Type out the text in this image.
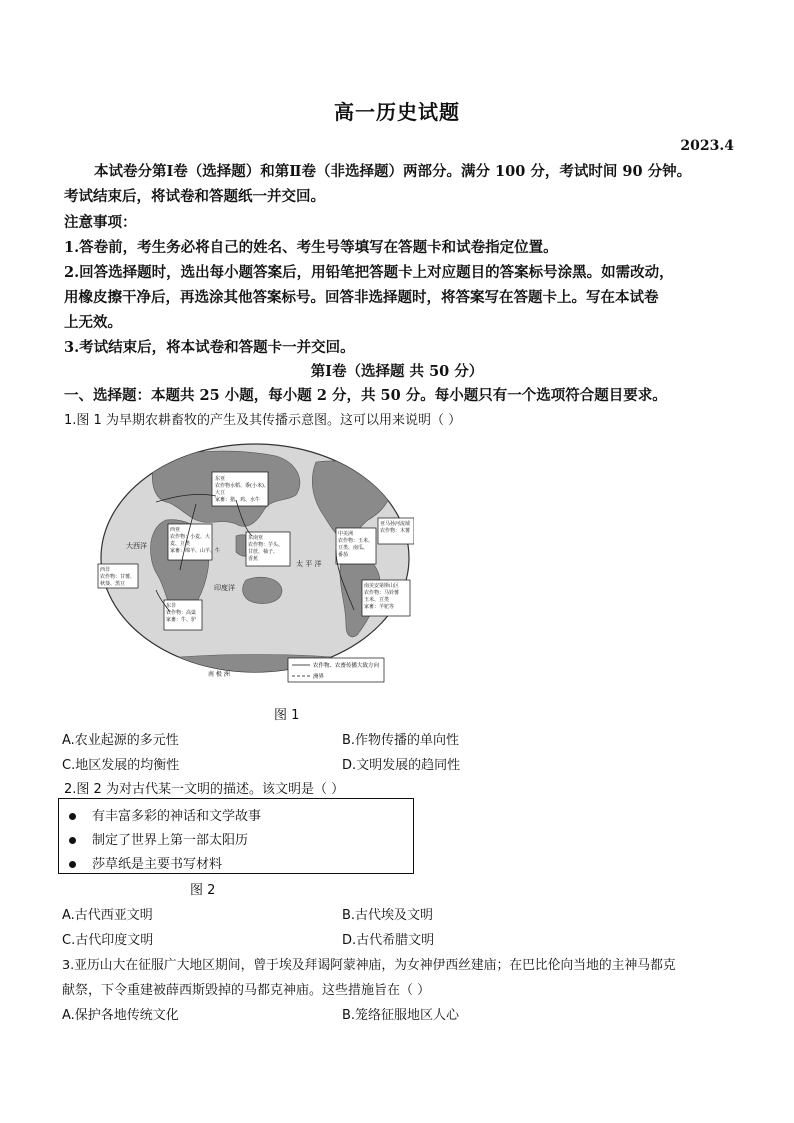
高一历史试题
2023.4
本试卷分第Ⅰ卷（选择题）和第Ⅱ卷（非选择题）两部分。满分 100 分，考试时间 90 分钟。
考试结束后，将试卷和答题纸一并交回。
注意事项：
1.答卷前，考生务必将自己的姓名、考生号等填写在答题卡和试卷指定位置。
2.回答选择题时，选出每小题答案后，用铅笔把答题卡上对应题目的答案标号涂黑。如需改动，
用橡皮擦干净后，再选涂其他答案标号。回答非选择题时，将答案写在答题卡上。写在本试卷
上无效。
3.考试结束后，将本试卷和答题卡一并交回。
第Ⅰ卷（选择题 共 50 分）
一、选择题：本题共 25 小题，每小题 2 分，共 50 分。每小题只有一个选项符合题目要求。
1.图 1 为早期农耕畜牧的产生及其传播示意图。这可以用来说明（ ）
东亚
农作物水稻、黍(小米)、
大豆
家畜：猪、鸡、水牛
西亚
农作物：小麦、大
麦、豆类
家畜：绵羊、山羊、牛
东南亚
农作物：芋头、
甘蔗、柚子、
香蕉
西非
农作物：甘薯、
秋葵、黑豆
东非
农作物：高粱
家畜：牛、驴
中美洲
农作物：玉米、
豆类、南瓜、
番茄
亚马孙河流域
农作物：木薯
南美安第斯山区
农作物：马铃薯
玉米、豆类
家畜：羊驼等
太 平 洋
大西洋
印度洋
南 极 洲
农作物、农畜传播大致方向
洲界
图 1
A.农业起源的多元性	B.作物传播的单向性
C.地区发展的均衡性	D.文明发展的趋同性
2.图 2 为对古代某一文明的描述。该文明是（ ）
有丰富多彩的神话和文学故事
制定了世界上第一部太阳历
莎草纸是主要书写材料
图 2
A.古代西亚文明	B.古代埃及文明
C.古代印度文明	D.古代希腊文明
3.亚历山大在征服广大地区期间，曾于埃及拜谒阿蒙神庙，为女神伊西丝建庙；在巴比伦向当地的主神马都克
献祭，下令重建被薛西斯毁掉的马都克神庙。这些措施旨在（ ）
A.保护各地传统文化	B.笼络征服地区人心
